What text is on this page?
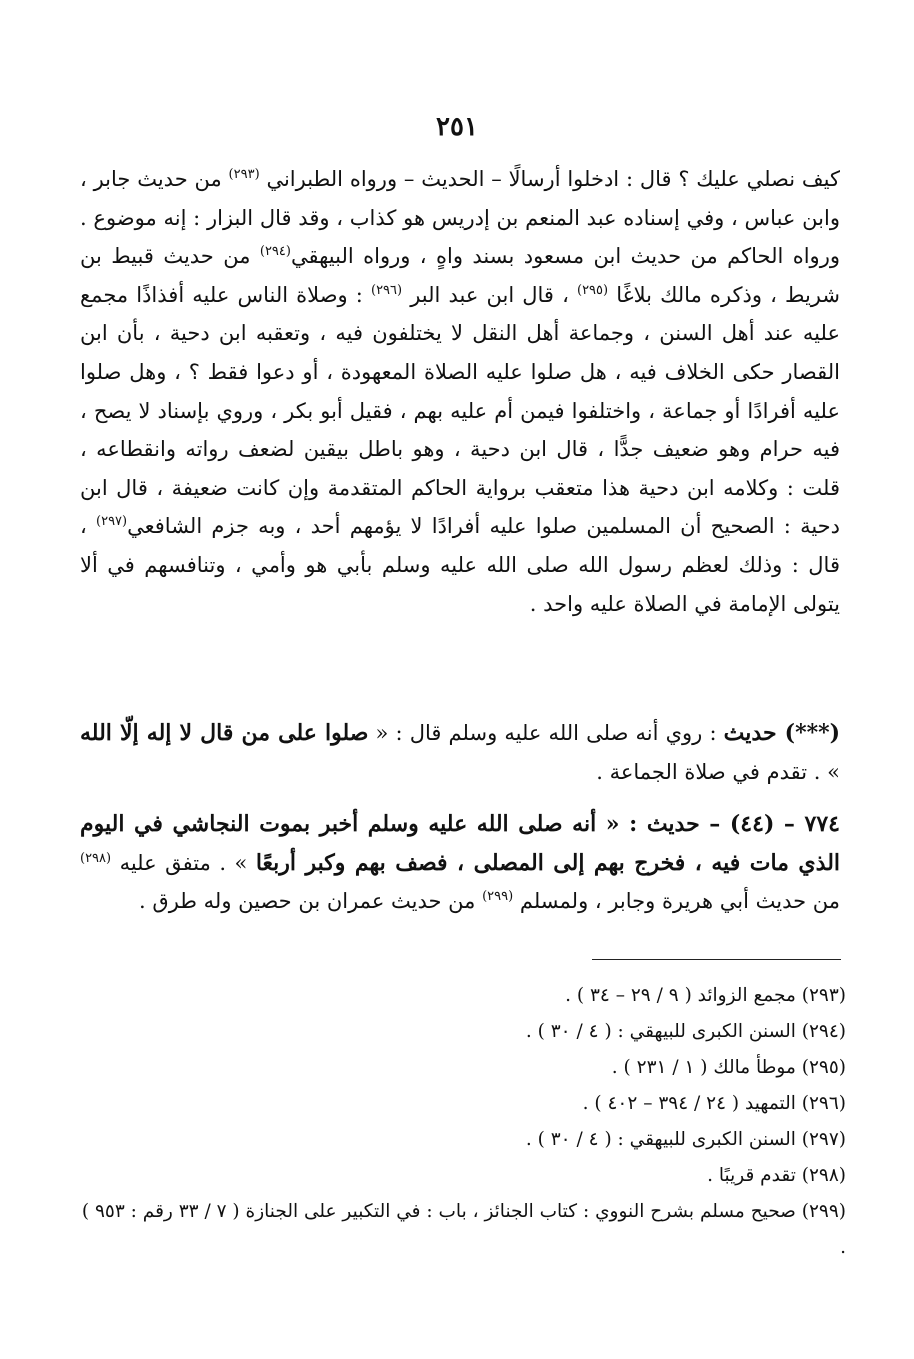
٢٥١

كيف نصلي عليك ؟ قال : ادخلوا أرسالًا – الحديث – ورواه الطبراني $^{(٢٩٣)}$ من حديث جابر ، وابن عباس ، وفي إسناده عبد المنعم بن إدريس هو كذاب ، وقد قال البزار : إنه موضوع . ورواه الحاكم من حديث ابن مسعود بسند واهٍ ، ورواه البيهقي$^{(٢٩٤)}$ من حديث قبيط بن شريط ، وذكره مالك بلاغًا $^{(٢٩٥)}$ ، قال ابن عبد البر $^{(٢٩٦)}$ : وصلاة الناس عليه أفذاذًا مجمع عليه عند أهل السنن ، وجماعة أهل النقل لا يختلفون فيه ، وتعقبه ابن دحية ، بأن ابن القصار حكى الخلاف فيه ، هل صلوا عليه الصلاة المعهودة ، أو دعوا فقط ؟ ، وهل صلوا عليه أفرادًا أو جماعة ، واختلفوا فيمن أم عليه بهم ، فقيل أبو بكر ، وروي بإسناد لا يصح ، فيه حرام وهو ضعيف جدًّا ، قال ابن دحية ، وهو باطل بيقين لضعف رواته وانقطاعه ، قلت : وكلامه ابن دحية هذا متعقب برواية الحاكم المتقدمة وإن كانت ضعيفة ، قال ابن دحية : الصحيح أن المسلمين صلوا عليه أفرادًا لا يؤمهم أحد ، وبه جزم الشافعي$^{(٢٩٧)}$ ، قال : وذلك لعظم رسول الله صلى الله عليه وسلم بأبي هو وأمي ، وتنافسهم في ألا يتولى الإمامة في الصلاة عليه واحد .

(***) حديث : روي أنه صلى الله عليه وسلم قال : « صلوا على من قال لا إله إلّا الله » . تقدم في صلاة الجماعة .

٧٧٤ – (٤٤) – حديث : « أنه صلى الله عليه وسلم أخبر بموت النجاشي في اليوم الذي مات فيه ، فخرج بهم إلى المصلى ، فصف بهم وكبر أربعًا » . متفق عليه $^{(٢٩٨)}$ من حديث أبي هريرة وجابر ، ولمسلم $^{(٢٩٩)}$ من حديث عمران بن حصين وله طرق .

(٢٩٣) مجمع الزوائد ( ٩ / ٢٩ – ٣٤ ) .
(٢٩٤) السنن الكبرى للبيهقي : ( ٤ / ٣٠ ) .
(٢٩٥) موطأ مالك ( ١ / ٢٣١ ) .
(٢٩٦) التمهيد ( ٢٤ / ٣٩٤ – ٤٠٢ ) .
(٢٩٧) السنن الكبرى للبيهقي : ( ٤ / ٣٠ ) .
(٢٩٨) تقدم قريبًا .
(٢٩٩) صحيح مسلم بشرح النووي : كتاب الجنائز ، باب : في التكبير على الجنازة ( ٧ / ٣٣ رقم : ٩٥٣ ) .
